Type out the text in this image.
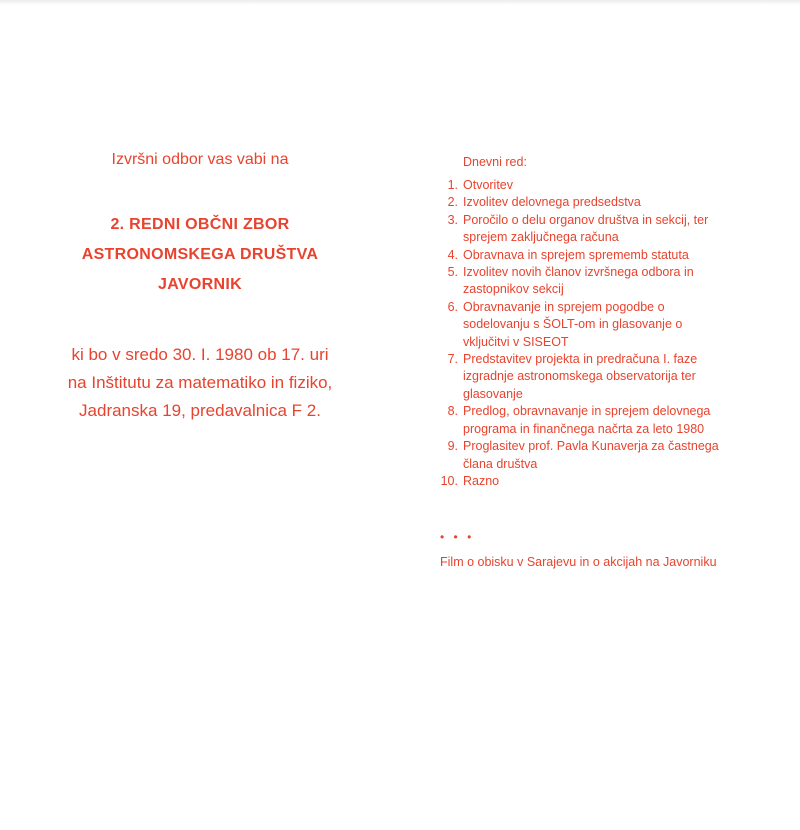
Izvršni odbor vas vabi na
2. REDNI OBČNI ZBOR
ASTRONOMSKEGA DRUŠTVA
JAVORNIK
ki bo v sredo 30. I. 1980 ob 17. uri
na Inštitutu za matematiko in fiziko,
Jadranska 19, predavalnica F 2.
Dnevni red:
1. Otvoritev
2. Izvolitev delovnega predsedstva
3. Poročilo o delu organov društva in sekcij, ter
sprejem zaključnega računa
4. Obravnava in sprejem sprememb statuta
5. Izvolitev novih članov izvršnega odbora in
zastopnikov sekcij
6. Obravnavanje in sprejem pogodbe o
sodelovanju s ŠOLT-om in glasovanje o
vključitvi v SISEOT
7. Predstavitev projekta in predračuna I. faze
izgradnje astronomskega observatorija ter
glasovanje
8. Predlog, obravnavanje in sprejem delovnega
programa in finančnega načrta za leto 1980
9. Proglasitev prof. Pavla Kunaverja za častnega
člana društva
10. Razno
• • •
Film o obisku v Sarajevu in o akcijah na Javorniku
